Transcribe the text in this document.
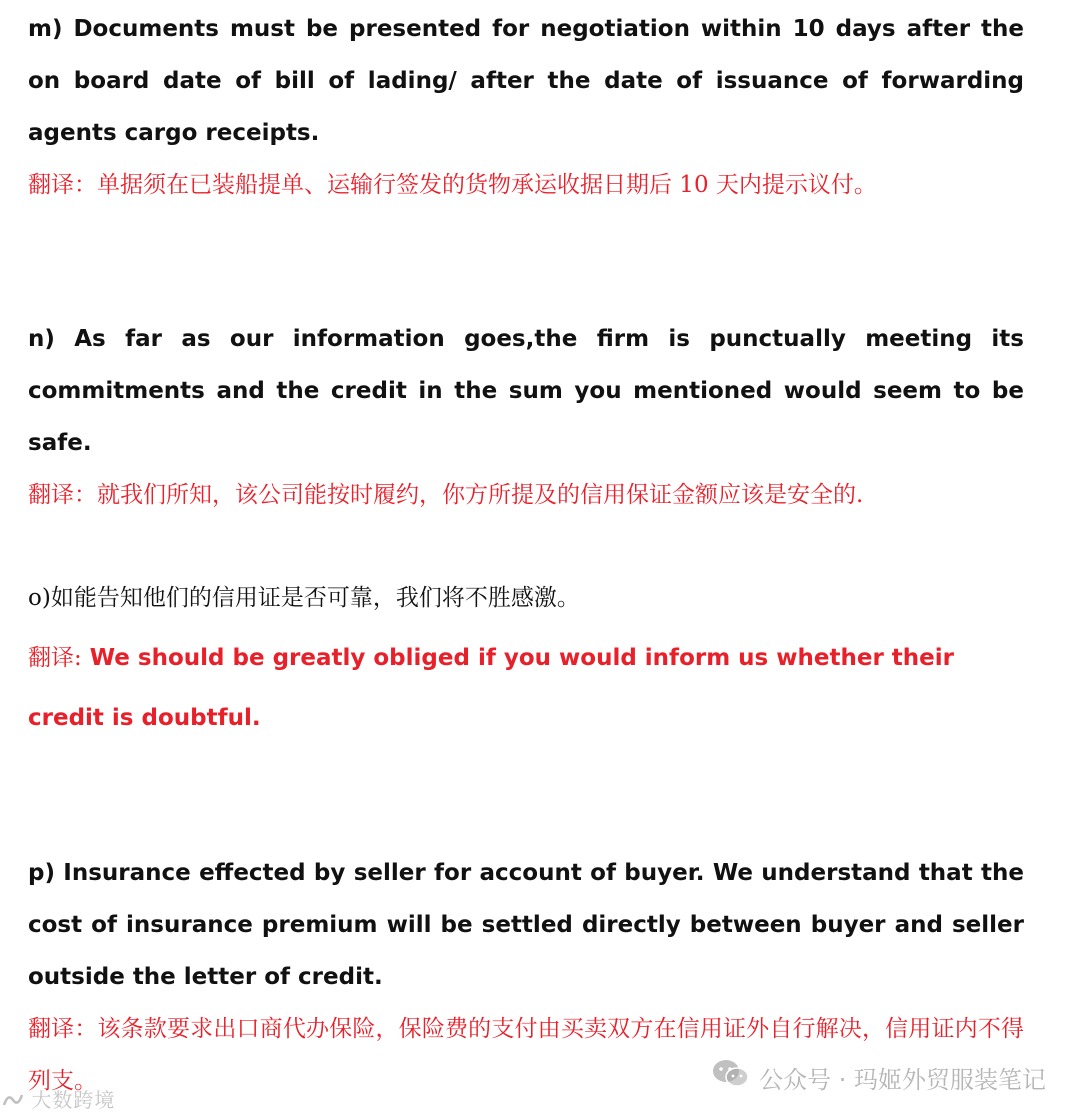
m) Documents must be presented for negotiation within 10 days after the on board date of bill of lading/ after the date of issuance of forwarding agents cargo receipts.

翻译：单据须在已装船提单、运输行签发的货物承运收据日期后 10 天内提示议付。

n) As far as our information goes,the firm is punctually meeting its commitments and the credit in the sum you mentioned would seem to be safe.

翻译：就我们所知，该公司能按时履约，你方所提及的信用保证金额应该是安全的.

o)如能告知他们的信用证是否可靠，我们将不胜感激。

翻译: We should be greatly obliged if you would inform us whether their credit is doubtful.

p) Insurance effected by seller for account of buyer. We understand that the cost of insurance premium will be settled directly between buyer and seller outside the letter of credit.

翻译：该条款要求出口商代办保险，保险费的支付由买卖双方在信用证外自行解决，信用证内不得列支。	公众号 · 玛姬外贸服装笔记
大数跨境
